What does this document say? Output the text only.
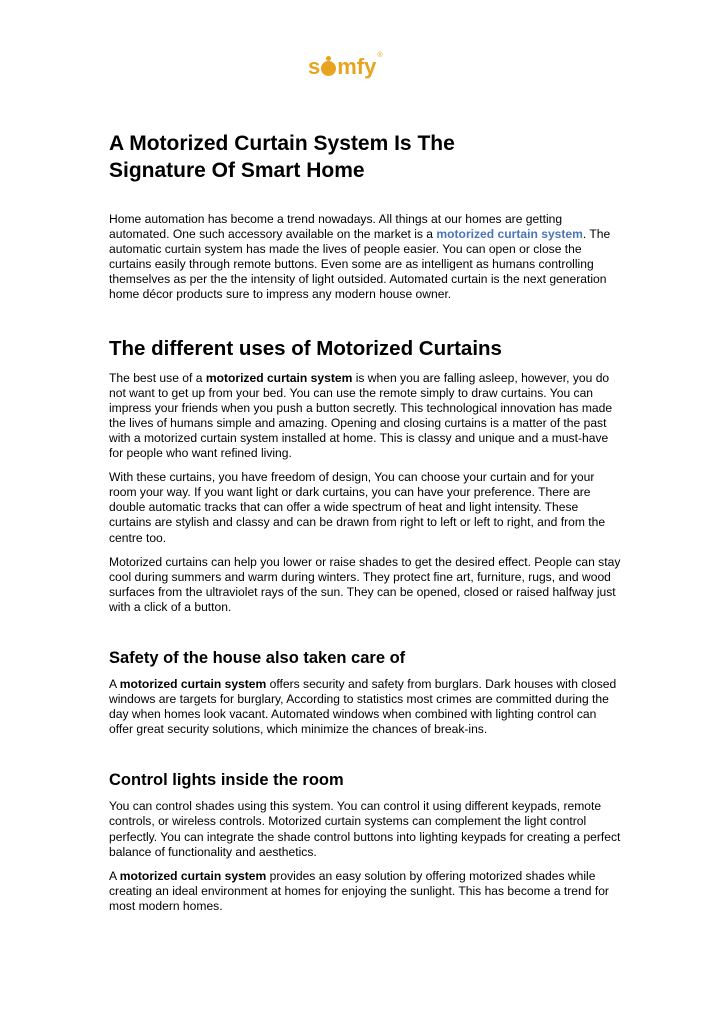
s mfy ®
A Motorized Curtain System Is The Signature Of Smart Home

Home automation has become a trend nowadays. All things at our homes are getting automated. One such accessory available on the market is a motorized curtain system. The automatic curtain system has made the lives of people easier. You can open or close the curtains easily through remote buttons. Even some are as intelligent as humans controlling themselves as per the the intensity of light outsided. Automated curtain is the next generation home décor products sure to impress any modern house owner.

The different uses of Motorized Curtains

The best use of a motorized curtain system is when you are falling asleep, however, you do not want to get up from your bed. You can use the remote simply to draw curtains. You can impress your friends when you push a button secretly. This technological innovation has made the lives of humans simple and amazing. Opening and closing curtains is a matter of the past with a motorized curtain system installed at home. This is classy and unique and a must-have for people who want refined living.

With these curtains, you have freedom of design, You can choose your curtain and for your room your way. If you want light or dark curtains, you can have your preference. There are double automatic tracks that can offer a wide spectrum of heat and light intensity. These curtains are stylish and classy and can be drawn from right to left or left to right, and from the centre too.

Motorized curtains can help you lower or raise shades to get the desired effect. People can stay cool during summers and warm during winters. They protect fine art, furniture, rugs, and wood surfaces from the ultraviolet rays of the sun. They can be opened, closed or raised halfway just with a click of a button.

Safety of the house also taken care of

A motorized curtain system offers security and safety from burglars. Dark houses with closed windows are targets for burglary, According to statistics most crimes are committed during the day when homes look vacant. Automated windows when combined with lighting control can offer great security solutions, which minimize the chances of break-ins.

Control lights inside the room

You can control shades using this system. You can control it using different keypads, remote controls, or wireless controls. Motorized curtain systems can complement the light control perfectly. You can integrate the shade control buttons into lighting keypads for creating a perfect balance of functionality and aesthetics.

A motorized curtain system provides an easy solution by offering motorized shades while creating an ideal environment at homes for enjoying the sunlight. This has become a trend for most modern homes.
